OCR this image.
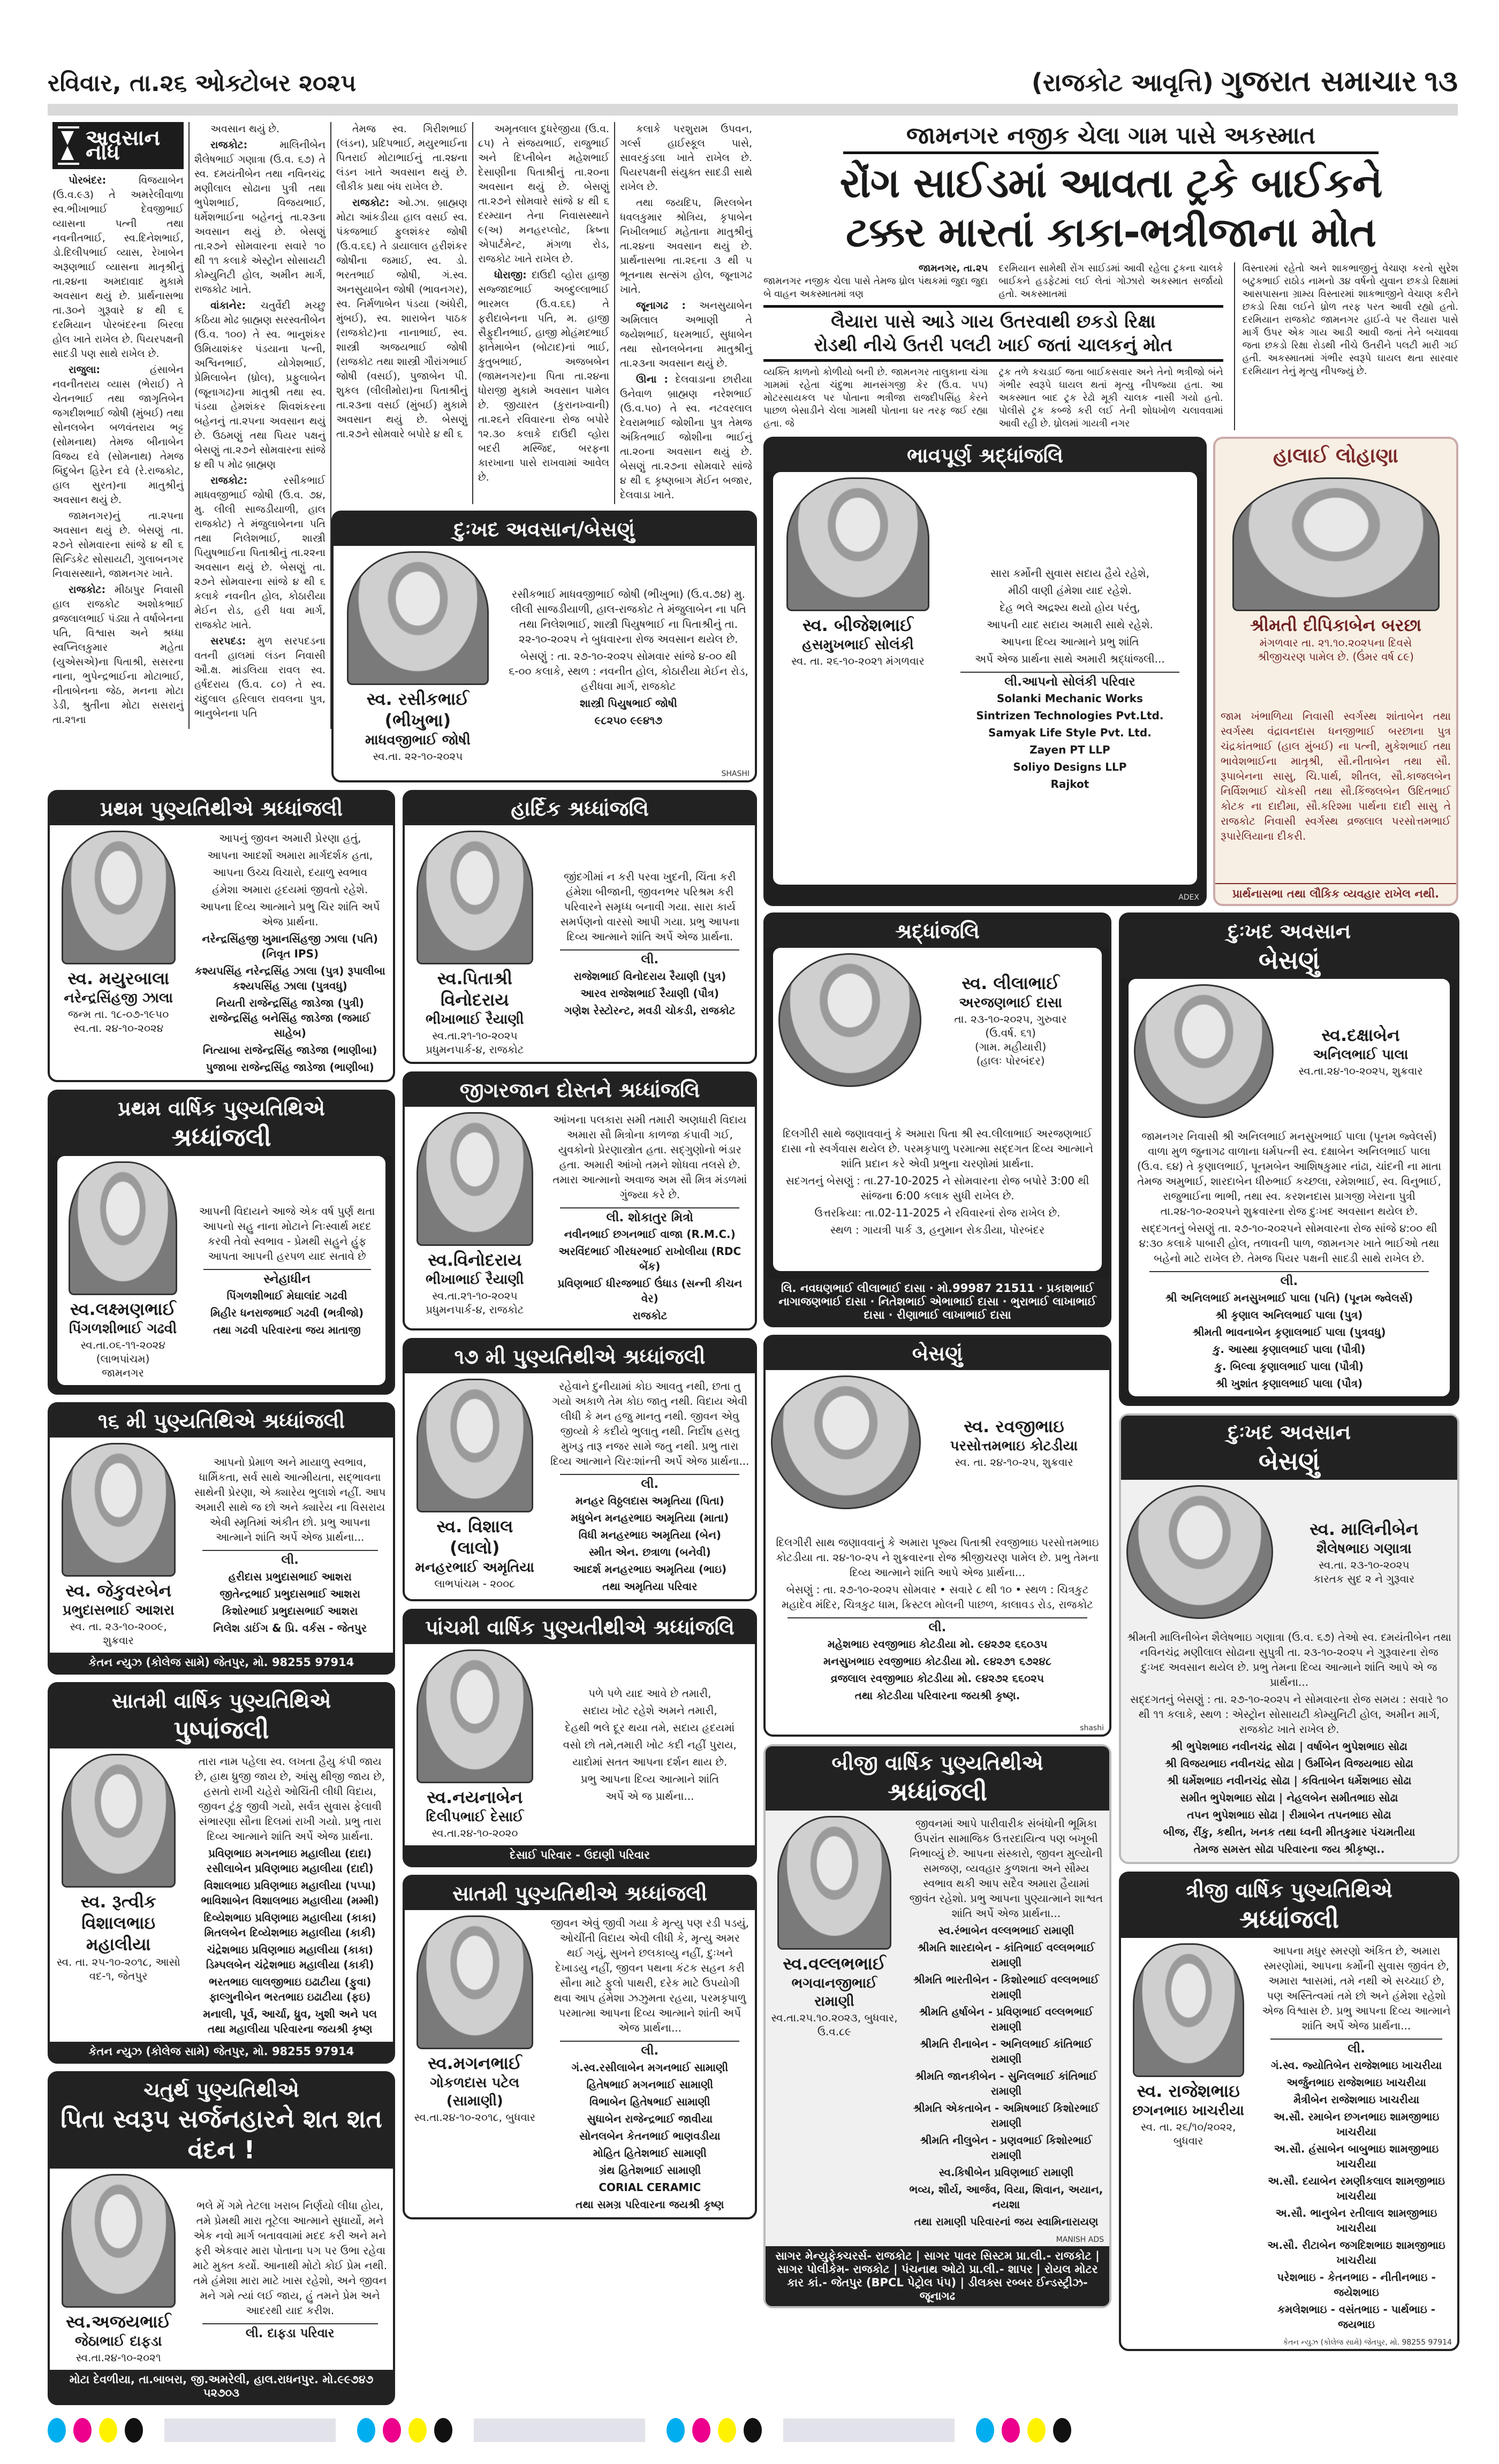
રવિવાર, તા.૨૬ ઓક્ટોબર ૨૦૨૫	(રાજકોટ આવૃત્તિ) ગુજરાત સમાચાર ૧૩
અવસાન નોંધ

પોરબંદર: વિજયાબેન (ઉ.વ.૯૩) તે અમરેલીવાળા સ્વ.ભીખાભાઈ દેવજીભાઈ વ્યાસના પત્ની તથા નવનીતભાઈ, સ્વ.દિનેશભાઈ, ડો.દિલીપભાઈ વ્યાસ, રેખાબેન અરૂણભાઈ વ્યાસના માતૃશ્રીનું તા.૨૪ના અમદાવાદ મુકામે અવસાન થયું છે. પ્રાર્થનાસભા તા.૩૦ને ગુરૂવારે ૪ થી ૬ દરમિયાન પોરબંદરના બિરલા હોલ ખાતે રાખેલ છે. પિયરપક્ષની સાદડી પણ સાથે રાખેલ છે.

રાજુલા: હંસાબેન નવનીતરાય વ્યાસ (ભેરાઈ) તે ચેતનભાઈ તથા જાગૃતિબેન જગદીશભાઈ જોષી (મુંબઈ) તથા સોનલબેન બળવંતરાય ભટ્ટ (સોમનાથ) તેમજ બીનાબેન વિજય દવે (સોમનાથ) તેમજ બિંદુબેન હિરેન દવે (રે.રાજકોટ, હાલ સુરત)ના માતુશ્રીનું અવસાન થયું છે.

જામનગર)નું તા.૨૫ના અવસાન થયું છે. બેસણું તા. ૨૭ને સોમવારના સાંજે ૪ થી ૬ સિન્ડિકેટ સોસાયટી, ગુલાબનગર નિવાસસ્થાને, જામનગર ખાતે.

રાજકોટ: મીઠાપુર નિવાસી હાલ રાજકોટ અશોકભાઈ વ્રજલાલભાઈ પંડ્યા તે વર્ષાબેનના પતિ, વિશ્વાસ અને શ્રધ્ધા સ્વપ્નિલકુમાર મહેતા (યુએસએ)ના પિતાશ્રી, સસરના નાના, ભુપેન્દ્રભાઈના મોટાભાઈ, નીતાબેનના જેઠ, મનના મોટા ડેડી, શ્રુતીના મોટા સસરાનું તા.૨૧ના

અવસાન થયું છે.

રાજકોટ: માલિનીબેન શૈલેષભાઈ ગણાત્રા (ઉ.વ. ૬૭) તે સ્વ. દમયંતીબેન તથા નવિનચંદ્ર મણીલાલ સોઢાના પુત્રી તથા ભુપેશભાઈ, વિજયભાઈ, ધર્મેશભાઈના બહેનનું તા.૨૩ના અવસાન થયું છે. બેસણું તા.૨૭ને સોમવારના સવારે ૧૦ થી ૧૧ કલાકે એસ્ટ્રોન સોસાયટી કોમ્યુનિટી હોલ, અમીન માર્ગ, રાજકોટ ખાતે.

વાંકાનેર: ચતુર્વેદી મચ્છુ કઠિયા મોઢ બ્રાહ્મણ સરસ્વતીબેન (ઉ.વ. ૧૦૦) તે સ્વ. ભાનુશંકર ઉમિયાશંકર પંડયાના પત્ની, અશ્વિનભાઈ, યોગેશભાઈ, પ્રેમિલાબેન (ધ્રોલ), પ્રફુલાબેન (જૂનાગઢ)ના માતુશ્રી તથા સ્વ. પંડયા હેમશંકર શિવશંકરના બહેનનું તા.૨૫ના અવસાન થયું છે. ઉઠમણું તથા પિયર પક્ષનું બેસણું તા.૨૭ને સોમવારના સાંજે ૪ થી ૫ મોઢ બ્રાહ્મણ

રાજકોટ: રસીકભાઈ માધવજીભાઈ જોષી (ઉ.વ. ૭૪, મુ. લીલી સાજડીયાળી, હાલ રાજકોટ) તે મંજુલાબેનના પતિ તથા નિલેશભાઈ, શાસ્ત્રી પિયુષભાઈના પિતાશ્રીનું તા.૨૨ના અવસાન થયું છે. બેસણું તા. ૨૭ને સોમવારના સાંજે ૪ થી ૬ કલાકે નવનીત હોલ, કોઠારીયા મેઈન રોડ, હરી ધવા માર્ગ, રાજકોટ ખાતે.

સરપદડ: મુળ સરપદડના વતની હાલમાં લંડન નિવાસી ઔ.ક્ષ. માંડલિયા રાવલ સ્વ. હર્ષદરાય (ઉ.વ. ૮૦) તે સ્વ. ચંદુલાલ હરિલાલ રાવલના પુત્ર, ભાનુબેનના પતિ

તેમજ સ્વ. ગિરીશભાઈ (લંડન), પ્રદિપભાઈ, મયુરભાઈના પિતરાઈ મોટાભાઈનું તા.૨૪ના લંડન ખાતે અવસાન થયું છે. લૌકીક પ્રથા બંધ રાખેલ છે.

રાજકોટ: ઓ.ઝા. બ્રાહ્મણ મોટા આંકડીયા હાલ વસઈ સ્વ. પંકજભાઈ ફુલશંકર જોષી (ઉ.વ.૬૬) તે ડાયાલાલ હરીશંકર જોષીના જમાઈ, સ્વ. ડો. ભરતભાઈ જોષી, ગં.સ્વ. અનસુયાબેન જોષી (ભાવનગર), સ્વ. નિર્મળાબેન પંડયા (અંધેરી, મુંબઈ), સ્વ. શારાબેન પાઠક (રાજકોટ)ના નાનાભાઈ, સ્વ. શાસ્ત્રી અજયભાઈ જોષી (રાજકોટ તથા શાસ્ત્રી ગૌરાંગભાઈ જોષી (વસઈ), પુજાબેન પી. શુકલ (લીલીમોરા)ના પિતાશ્રીનું તા.૨૩ના વસઈ (મુંબઈ) મુકામે અવસાન થયું છે. બેસણું તા.૨૭ને સોમવારે બપોરે ૪ થી ૬

અમૃતલાલ દુધરેજીયા (ઉ.વ. ૮૫) તે સંજયભાઈ, રાજુભાઈ અને દિપ્તીબેન મહેશભાઈ દેસાણીના પિતાશ્રીનું તા.૨૦ના અવસાન થયું છે. બેસણું તા.૨૭ને સોમવારે સાંજે ૪ થી ૬ દરમ્યાન તેના નિવાસસ્થાને ૯(અ) મનહરપ્લોટ, ક્રિષ્ના એપાર્ટમેન્ટ, મંગળા રોડ, રાજકોટ ખાતે રાખેલ છે.

ધોરાજી: દાઉદી વ્હોરા હાજી સજ્જાદભાઈ અબ્દુલ્લાભાઈ ભારમલ (ઉ.વ.૬૬) તે ફરીદાબેનના પતિ, મ. હાજી સૈફુદીનભાઈ, હાજી મોહંમદભાઈ ફાતેમાબેન (બોટાદ)નાં ભાઈ, કુતુબભાઈ, અજબબેન (જામનગર)ના પિતા તા.૨૪ના ધોરાજી મુકામે અવસાન પામેલ છે. જીયારત (કુરાનખ્વાની) તા.૨૬ને રવિવારના રોજ બપોરે ૧૨.૩૦ કલાકે દાઉદી વ્હોરા બદરી મસ્જિદ, બરફના કારખાના પાસે રાખવામાં આવેલ છે.

કલાકે પરશુરામ ઉપવન, ગર્લ્સ હાઈસ્કૂલ પાસે, સાવરકુંડલા ખાતે રાખેલ છે. પિયરપક્ષની સંયુક્ત સાદડી સાથે રાખેલ છે.

તથા જયદિપ, મિરલબેન ધવલકુમાર શ્રોત્રિય, કૃપાબેન નિખીલભાઈ મહેતાના માતુશ્રીનું તા.૨૪ના અવસાન થયું છે. પ્રાર્થનાસભા તા.૨૬ના ૩ થી ૫ ભૂતનાથ સત્સંગ હોલ, જૂનાગઢ ખાતે.

જૂનાગઢ : અનસુયાબેન અમિલાલ અભાણી તે જયેશભાઈ, ધરમભાઈ, સુધાબેન તથા સોનલબેનના માતુશ્રીનું તા.૨૩ના અવસાન થયું છે.

ઊના : દેલવાડાના છારીયા ઉનેવાળ બ્રાહ્મણ નરેશભાઈ (ઉ.વ.૫૦) તે સ્વ. નટવરલાલ દેવરામભાઈ જોશીના પુત્ર તેમજ અંકિતભાઈ જોશીના ભાઈનું તા.૨૦ના અવસાન થયું છે. બેસણું તા.૨૭ના સોમવારે સાંજે ૪ થી ૬ કૃષ્ણબાગ મેઈન બજાર, દેલવાડા ખાતે.

દુઃખદ અવસાન/બેસણું
સ્વ. રસીકભાઈ (ભીખુભા)
માધવજીભાઈ જોષી
સ્વ.તા. ૨૨-૧૦-૨૦૨૫
રસીકભાઈ માધવજીભાઈ જોષી (ભીખુભા) (ઉ.વ.૭૪) મુ. લીલી સાજડીયાળી, હાલ-રાજકોટ તે મંજુલાબેન ના પતિ તથા નિલેશભાઈ, શાસ્ત્રી પિયુષભાઈ ના પિતાશ્રીનું તા. ૨૨-૧૦-૨૦૨૫ ને બુધવારના રોજ અવસાન થયેલ છે.
બેસણું : તા. ૨૭-૧૦-૨૦૨૫ સોમવાર સાંજે ૪-૦૦ થી ૬-૦૦ કલાકે, સ્થળ : નવનીત હોલ, કોઠારીયા મેઈન રોડ, હરીધવા માર્ગ, રાજકોટ
શાસ્ત્રી પિયુષભાઈ જોષી
૯૮૨૫૦ ૯૯૪૧૭
SHASHI
પ્રથમ પુણ્યતિથીએ શ્રધ્ધાંજલી
સ્વ. મયુરબાલા
નરેન્દ્રસિંહજી ઝાલા
જન્મ તા. ૧૮-૦૭-૧૯૫૦
સ્વ.તા. ૨૪-૧૦-૨૦૨૪
આપનું જીવન અમારી પ્રેરણા હતું,
આપના આદર્શો અમારા માર્ગદર્શક હતા,
આપના ઉચ્ચ વિચારો, દયાળુ સ્વભાવ
હંમેશા અમારા હૃદયમાં જીવતો રહેશે.
આપના દિવ્ય આત્માને પ્રભુ ચિર શાંતિ અર્પે એજ પ્રાર્થના.
નરેન્દ્રસિંહજી ખુમાનસિંહજી ઝાલા (પતિ) (નિવૃત IPS)
કશ્યપસિંહ નરેન્દ્રસિંહ ઝાલા (પુત્ર) રૂપાલીબા કશ્યપસિંહ ઝાલા (પુત્રવધુ)
નિયતી રાજેન્દ્રસિંહ જાડેજા (પુત્રી) રાજેન્દ્રસિંહ બનેસિંહ જાડેજા (જમાઈ સાહેબ)
નિત્યાબા રાજેન્દ્રસિંહ જાડેજા (ભાણીબા)
પુજાબા રાજેન્દ્રસિંહ જાડેજા (ભાણીબા)
પ્રથમ વાર્ષિક પુણ્યતિથિએ
શ્રધ્ધાંજલી
સ્વ.લક્ષ્મણભાઈ
પિંગળશીભાઈ ગઢવી
સ્વ.તા.૦૬-૧૧-૨૦૨૪ (લાભપાંચમ)
જામનગર
આપની વિદાયને આજે એક વર્ષ પુર્ણ થતા આપનો સહુ નાના મોટાને નિઃસ્વાર્થ મદદ કરવી તેવો સ્વભાવ - પ્રેમથી સહુને હુંફ આપતા આપની હરપળ યાદ સતાવે છે
સ્નેહાધીન
પિંગળશીભાઈ મેઘાલાંદ ગઢવી
મિહીર ધનરાજભાઈ ગઢવી (ભત્રીજો)
તથા ગઢવી પરિવારના જય માતાજી
૧૬ મી પુણ્યતિથિએ શ્રધ્ધાંજલી
સ્વ. જેકુવરબેન
પ્રભુદાસભાઈ આશરા
સ્વ. તા. ૨૩-૧૦-૨૦૦૯, શુક્રવાર
આપનો પ્રેમાળ અને માયાળુ સ્વભાવ, ધાર્મિકતા, સર્વ સાથે આત્મીયતા, સદ્ભાવના સાથેની પ્રેરણા, એ ક્યારેય ભુલાશે નહીં. આપ અમારી સાથે જ છો અને ક્યારેય ના વિસરાય એવી સ્મૃતિમાં અંકીત છો. પ્રભુ આપના આત્માને શાંતિ અર્પે એજ પ્રાર્થના...
લી.
હરીદાસ પ્રભુદાસભાઈ આશરા
જીતેન્દ્રભાઈ પ્રભુદાસભાઈ આશરા
કિશોરભાઈ પ્રભુદાસભાઈ આશરા
નિલેશ ડાઈંગ & પ્રિ. વર્કસ - જેતપુર
કેતન ન્યુઝ (કોલેજ સામે) જેતપુર, મો. 98255 97914
સાતમી વાર્ષિક પુણ્યતિથિએ
પુષ્પાંજલી
સ્વ. રૂત્વીક વિશાલભાઇ મહાલીયા
સ્વ. તા. ૨૫-૧૦-૨૦૧૮, આસો વદ-૧, જેતપુર
તારા નામ પહેલા સ્વ. લખતા હૈયુ કંપી જાય છે, હાથ ધ્રુજી જાય છે, આંસુ થીજી જાય છે, હસતો રાખી ચહેરો ઓચિંતી લીધી વિદાય, જીવન ટુંકુ જીવી ગયો, સર્વત્ર સુવાસ ફેલાવી સંભારણા સૌના દિલમાં રાખી ગયો. પ્રભુ તારા દિવ્ય આત્માને શાંતિ અર્પે એજ પ્રાર્થના.
પ્રવિણભાઇ મગનભાઇ મહાલીયા (દાદા) રસીલાબેન પ્રવિણભાઇ મહાલીયા (દાદી)
વિશાલભાઇ પ્રવિણભાઇ મહાલીયા (પપ્પા) ભાવિશાબેન વિશાલભાઇ મહાલીયા (મમ્મી)
દિવ્યેશભાઇ પ્રવિણભાઇ મહાલીયા (કાકા) મિતલબેન દિવ્યેશભાઇ મહાલીયા (કાકી)
ચંદ્રેશભાઇ પ્રવિણભાઇ મહાલીયા (કાકા) ડિમ્પલબેન ચંદ્રેશભાઇ મહાલીયા (કાકી)
ભરતભાઇ લાલજીભાઇ ઇઢાટીયા (ફુવા) ફાલ્ગુનીબેન ભરતભાઇ ઇઢાટીયા (ફઇ)
મનાલી, પૂર્વ, આર્ચા, ધ્રુવ, ખુશી અને પલ તથા મહાલીયા પરિવારના જયશ્રી કૃષ્ણ
કેતન ન્યુઝ (કોલેજ સામે) જેતપુર, મો. 98255 97914
ચતુર્થ પુણ્યતિથીએ
પિતા સ્વરૂપ સર્જનહારને શત શત વંદન !
સ્વ.અજયભાઈ
જેઠાભાઈ દાફડા
સ્વ.તા.૨૪-૧૦-૨૦૨૧
ભલે મેં ગમે તેટલા ખરાબ નિર્ણયો લીધા હોય, તમે પ્રેમથી મારા તૂટેલા આત્માને સુધાર્યો, મને એક નવો માર્ગ બતાવવામાં મદદ કરી અને મને ફરી એકવાર મારા પોતાના પગ પર ઉભા રહેવા માટે મુક્ત કર્યો. આનાથી મોટો કોઈ પ્રેમ નથી. તમે હંમેશા મારા માટે ખાસ રહેશો, અને જીવન મને ગમે ત્યાં લઈ જાય, હું તમને પ્રેમ અને આદરથી યાદ કરીશ.
લી. દાફડા પરિવાર
મોટા દેવળીયા, તા.બાબરા, જી.અમરેલી, હાલ.રાધનપુર. મો.૯૯૭૪૭ ૫૨૭૦૩
હાર્દિક શ્રધ્ધાંજલિ
સ્વ.પિતાશ્રી વિનોદરાય
ભીખાભાઈ રૈયાણી
સ્વ.તા.૨૧-૧૦-૨૦૨૫
પ્રધુમનપાર્ક-૪, રાજકોટ
જીંદગીમાં ન કરી પરવા ખુદની, ચિંતા કરી હંમેશા બીજાની, જીવનભર પરિશ્રમ કરી પરિવારને સમૃધ્ધ બનાવી ગયા. સારા કાર્ય સમર્પણનો વારસો આપી ગયા. પ્રભુ આપના દિવ્ય આત્માને શાંતિ અર્પે એજ પ્રાર્થના.
લી.
રાજેશભાઈ વિનોદરાય રૈયાણી (પુત્ર)
આરવ રાજેશભાઈ રૈયાણી (પૌત્ર)
ગણેશ રેસ્ટોરન્ટ, મવડી ચોકડી, રાજકોટ
જીગરજાન દોસ્તને શ્રધ્ધાંજલિ
સ્વ.વિનોદરાય
ભીખાભાઈ રૈયાણી
સ્વ.તા.૨૧-૧૦-૨૦૨૫
પ્રધુમનપાર્ક-૪, રાજકોટ
આંખના પલકારા સમી તમારી અણધારી વિદાય અમારા સૌ મિત્રોના કાળજા કંપાવી ગઈ, યુવકોનો પ્રેરણાસ્ત્રોત હતા. સદ્ગુણોનો ભંડાર હતા. અમારી આંખો તમને શોધવા તલસે છે. તમારા આત્માનો અવાજ અમ સૌ મિત્ર મંડળમાં ગુંજ્યા કરે છે.
લી. શોકાતુર મિત્રો
નવીનભાઈ છગનભાઈ વાજા (R.M.C.)
અરવિંદભાઈ ગીરધરભાઈ રાખોલીયા (RDC બેંક)
પ્રવિણભાઈ ધીરજભાઈ ઉંધાડ (સન્ની કીચન વેર)
રાજકોટ
૧૭ મી પુણ્યતિથીએ શ્રધ્ધાંજલી
સ્વ. વિશાલ (લાલો)
મનહરભાઈ અમૃતિયા
લાભપાંચમ - ૨૦૦૮
રહેવાને દુનીયામાં કોઇ આવતુ નથી, છતા તુ ગયો અકાળે તેમ કોઇ જાતુ નથી. વિદાય એવી લીધી કે મન હજુ માનતુ નથી. જીવન એવુ જીવ્યો કે કદીયે ભુલાતુ નથી. નિર્દોષ હસતુ મુખડુ તારૂ નજર સામે જતુ નથી. પ્રભુ તારા દિવ્ય આત્માને ચિરઃશાંન્તી અર્પે એજ પ્રાર્થના...
લી.
મનહર વિઠ્ઠલદાસ અમૃતિયા (પિતા)
મધુબેન મનહરભાઇ અમૃતિયા (માતા)
વિધી મનહરભાઇ અમૃતિયા (બેન)
સ્મીત એન. છત્રાળા (બનેવી)
આદર્શ મનહરભાઇ અમૃતિયા (ભાઇ)
તથા અમૃતિયા પરિવાર
પાંચમી વાર્ષિક પુણ્યતીથીએ શ્રધ્ધાંજલિ
સ્વ.નયનાબેન
દિલીપભાઈ દેસાઈ
સ્વ.તા.૨૪-૧૦-૨૦૨૦
પળે પળે યાદ આવે છે તમારી,
સદાય ખોટ રહેશે અમને તમારી,
દેહથી ભલે દૂર થયા તમે, સદાય હૃદયમાં
વસો છો તમે,તમારી ખોટ કદી નહીં પુરાય,
યાદોમાં સતત આપના દર્શન થાય છે.
પ્રભુ આપના દિવ્ય આત્માને શાંતિ
અર્પે એ જ પ્રાર્થના...
દેસાઈ પરિવાર - ઉદાણી પરિવાર
સાતમી પુણ્યતિથીએ શ્રધ્ધાંજલી
સ્વ.મગનભાઈ
ગોકળદાસ પટેલ (સામાણી)
સ્વ.તા.૨૪-૧૦-૨૦૧૮, બુધવાર
જીવન એવું જીવી ગયા કે મૃત્યુ પણ રડી પડયું, ઓચીંતી વિદાય એવી લીધી કે, મૃત્યુ અમર થઈ ગયું, સુખને છલકાવ્યુ નહીં, દુઃખને દેખાડયુ નહીં, જીવન પથના કંટક સહન કરી સૌના માટે ફુલો પાથરી, દરેક માટે ઉપયોગી થવા આપ હંમેશા ઝઝુમતા રહયા, પરમકૃપાળુ પરમાત્મા આપના દિવ્ય આત્માને શાંતી અર્પે એજ પ્રાર્થના...
લી.
ગં.સ્વ.રસીલાબેન મગનભાઈ સામાણી
હિતેષભાઈ મગનભાઈ સામાણી
વિભાબેન હિતેષભાઈ સામાણી
સુધાબેન રાજેન્દ્રભાઈ જાવીયા
સોનલબેન કેતનભાઈ ભાણવડીયા
મોહિત હિતેશભાઈ સામાણી
ગ્રંથ હિતેશભાઈ સામાણી
CORIAL CERAMIC
તથા સમગ્ર પરિવારના જયશ્રી કૃષ્ણ
જામનગર નજીક ચેલા ગામ પાસે અકસ્માત
રોંગ સાઈડમાં આવતા ટ્રકે બાઈકને
ટક્કર મારતાં કાકા-ભત્રીજાના મોત
જામનગર, તા.૨૫
જામનગર નજીક ચેલા પાસે તેમજ ધ્રોલ પંથકમાં જુદા જુદા બે વાહન અકસ્માતમાં ત્રણ
દરમિયાન સામેથી રોંગ સાઈડમાં આવી રહેલા ટ્રકના ચાલકે બાઈકને હડફેટમાં લઈ લેતાં ગોઝારો અકસ્માત સર્જાયો હતો. અકસ્માતમાં
લૈયારા પાસે આડે ગાય ઉતરવાથી છકડો રિક્ષા
રોડથી નીચે ઉતરી પલટી ખાઈ જતાં ચાલકનું મોત
વ્યક્તિ કાળનો કોળીયો બની છે. જામનગર તાલુકાના ચંગા ગામમાં રહેતા ચંદુભા માનસંગજી કેર (ઉ.વ. ૫૫) મોટરસાયકલ પર પોતાના ભત્રીજા રાજદીપસિંહ કેરને પાછળ બેસાડીને ચેલા ગામથી પોતાના ઘર તરફ જઈ રહ્યા હતા. જે
ટ્રક તળે કચડાઈ જતા બાઈકસવાર અને તેનો ભત્રીજો બંને ગંભીર સ્વરૂપે ઘાયલ થતાં મૃત્યુ નીપજ્યા હતા. આ અકસ્માત બાદ ટ્રક રેઢો મૂકી ચાલક નાસી ગયો હતો. પોલીસે ટ્રક કબ્જે કરી લઈ તેની શોધખોળ ચલાવવામાં આવી રહી છે. ધ્રોલમાં ગાયત્રી નગર
વિસ્તારમાં રહેતો અને શાકભાજીનું વેચાણ કરતો સુરેશ બટુકભાઈ રાઠોડ નામનો ૩૪ વર્ષનો યુવાન છકડો રિક્ષામાં આસપાસના ગ્રામ્ય વિસ્તારમાં શાકભાજીને વેચાણ કરીને છકડો રિક્ષા લઈને ધ્રોળ તરફ પરત આવી રહ્યો હતો. દરમિયાન રાજકોટ જામનગર હાઈ-વે પર લૈયારા પાસે માર્ગ ઉપર એક ગાય આડી આવી જતાં તેને બચાવવા જતા છકડો રિક્ષા રોડથી નીચે ઉતરીને પલટી મારી ગઈ હતી. અકસ્માતમાં ગંભીર સ્વરૂપે ઘાયલ થતા સારવાર દરમિયાન તેનું મૃત્યુ નીપજ્યું છે.
ભાવપૂર્ણ શ્રદ્ધાંજલિ
સ્વ. બીજેશભાઈ
હસમુખભાઈ સોલંકી
સ્વ. તા. ૨૬-૧૦-૨૦૨૧ મંગળવાર
સારા કર્મોની સુવાસ સદાય હૈયે રહેશે,
મીઠી વાણી હંમેશા યાદ રહેશે.
દેહ ભલે અદ્રશ્ય થયો હોય પરંતુ,
આપની યાદ સદાય અમારી સાથે રહેશે.
આપના દિવ્ય આત્માને પ્રભુ શાંતિ
અર્પે એજ પ્રાર્થના સાથે અમારી શ્રદ્ધાંજલી...
લી.આપનો સોલંકી પરિવાર
Solanki Mechanic Works
Sintrizen Technologies Pvt.Ltd.
Samyak Life Style Pvt. Ltd.
Zayen PT LLP
Soliyo Designs LLP
Rajkot
ADEX
હાલાઈ લોહાણા
શ્રીમતી દીપિકાબેન બરછા
મંગળવાર તા. ૨૧.૧૦.૨૦૨૫ના દિવસે
શ્રીજીચરણ પામેલ છે. (ઉંમર વર્ષ ૮૯)
જામ ખંભાળિયા નિવાસી સ્વર્ગસ્થ શાંતાબેન તથા સ્વર્ગસ્થ વંદ્રાવનદાસ ધનજીભાઈ બરછાના પુત્ર ચંદ્રકાંતભાઈ (હાલ મુંબઈ) ના પત્ની, મુકેશભાઈ તથા ભાવેશભાઈના માતૃશ્રી, સૌ.નીતાબેન તથા સૌ. રૂપાબેનના સાસુ, ચિ.પાર્થ, શીતલ, સૌ.કાજલબેન નિર્વિશભાઈ ચોકસી તથા સૌ.કિંજલબેન ઉદિતભાઈ કોટક ના દાદીમા, સૌ.કરિશ્મા પાર્થના દાદી સાસુ તે રાજકોટ નિવાસી સ્વર્ગસ્થ વ્રજલાલ પરસોત્તમભાઈ રૂપારેલિયાના દીકરી.
પ્રાર્થનાસભા તથા લૌકિક વ્યવહાર રાખેલ નથી.
શ્રદ્ધાંજલિ
સ્વ. લીલાભાઈ
અરજણભાઈ દાસા
તા. ૨૩-૧૦-૨૦૨૫, ગુરુવાર
(ઉ.વર્ષ. ૬૧)
(ગામ. મહીયારી)
(હાલઃ પોરબંદર)
દિલગીરી સાથે જણાવવાનું કે અમારા પિતા શ્રી સ્વ.લીલાભાઈ અરજણભાઈ દાસા નો સ્વર્ગવાસ થયેલ છે. પરમકૃપાળુ પરમાત્મા સદ્દગત દિવ્ય આત્માને શાંતિ પ્રદાન કરે એવી પ્રભુના ચરણોમાં પ્રાર્થના.
સદગતનું બેસણું : તા.27-10-2025 ને સોમવારના રોજ બપોરે 3:00 થી સાંજના 6:00 કલાક સુધી રાખેલ છે.
ઉત્તરક્રિયા: તા.02-11-2025 ને રવિવારનાં રોજ રાખેલ છે.
સ્થળ : ગાયત્રી પાર્ક ૩, હનુમાન રોકડીયા, પોરબંદર
લિ. નવઘણભાઈ લીલાભાઈ દાસા · મો.99987 21511 · પ્રકાશભાઈ નાગાજણભાઈ દાસા · નિતેશભાઈ એભાભાઈ દાસા · ભુરાભાઈ લાખાભાઈ દાસા · રીણાભાઈ લાખાભાઈ દાસા
બેસણું
સ્વ. રવજીભાઇ
પરસોત્તમભાઇ કોટડીયા
સ્વ. તા. ૨૪-૧૦-૨૫, શુક્રવાર
દિલગીરી સાથ જણાવવાનું કે અમારા પૂજ્ય પિતાશ્રી રવજીભાઇ પરસોત્તમભાઇ કોટડીયા તા. ૨૪-૧૦-૨૫ ને શુક્રવારના રોજ શ્રીજીચરણ પામેલ છે. પ્રભુ તેમના દિવ્ય આત્માને શાંતિ આપે એજ પ્રાર્થના...
બેસણું : તા. ૨૭-૧૦-૨૦૨૫ સોમવાર • સવારે ૮ થી ૧૦ • સ્થળ : ચિત્રકુટ મહાદેવ મંદિર, ચિત્રકુટ ધામ, ક્રિસ્ટલ મોલની પાછળ, કાલાવડ રોડ, રાજકોટ
લી.
મહેશભાઇ રવજીભાઇ કોટડીયા મો. ૯૪૨૭૨ ૬૬૦૩૫
મનસુખભાઇ રવજીભાઇ કોટડીયા મો. ૯૪૨૭૧ ૬૭૨૪૮
વ્રજલાલ રવજીભાઇ કોટડીયા મો. ૯૪૨૭૨ ૬૬૦૨૫
તથા કોટડીયા પરિવારના જયશ્રી કૃષ્ણ.
shashi
બીજી વાર્ષિક પુણ્યતિથીએ
શ્રધ્ધાંજલી
સ્વ.વલ્લભભાઈ
ભગવાનજીભાઈ રામાણી
સ્વ.તા.૨૫.૧૦.૨૦૨૩, બુધવાર, ઉ.વ.૮૯
જીવનમાં આપે પારીવારીક સંબંધોની ભૂમિકા ઉપરાંત સામાજિક ઉત્તરદાયિત્વ પણ બખૂબી નિભાવ્યું છે. આપના સંસ્કારો, જીવન મુલ્યોની સમજણ, વ્યવહાર કુળશતા અને સૌમ્ય સ્વભાવ થકી આપ સદૈવ અમારા હૈયામાં જીવંત રહેશો. પ્રભુ આપના પુણ્યાત્માને શાશ્વત શાંતિ અર્પે એજ પ્રાર્થના...
સ્વ.રંભાબેન વલ્લભભાઈ રામાણી
શ્રીમતિ શારદાબેન - કાંતિભાઈ વલ્લભભાઈ રામાણી
શ્રીમતિ ભારતીબેન - કિશોરભાઈ વલ્લભભાઈ રામાણી
શ્રીમતિ હર્ષાબેન - પ્રવિણભાઈ વલ્લભભાઈ રામાણી
શ્રીમતિ રીનાબેન - અનિલભાઈ કાંતિભાઈ રામાણી
શ્રીમતિ જાનકીબેન - સુનિલભાઈ કાંતિભાઈ રામાણી
શ્રીમતિ એકતાબેન - અમિષભાઈ કિશોરભાઈ રામાણી
શ્રીમતિ નીલુબેન - પ્રણવભાઈ કિશોરભાઈ રામાણી
સ્વ.કિષીબેન પ્રવિણભાઈ રામાણી
ભવ્ય, શૌર્ય, આર્જવ, વિયા, શિવાન, અયાન, નયશા
તથા રામાણી પરિવારનાં જય સ્વામિનારાયણ
MANISH ADS
સાગર મેન્યુફેક્ચરર્સ- રાજકોટ | સાગર પાવર સિસ્ટમ પ્રા.લી.- રાજકોટ | સાગર પોલીકેમ- રાજકોટ | પંચનાથ ઓટો પ્રા.લી.- શાપર | રોયલ મોટર કાર કાં.- જેતપુર (BPCL પેટ્રોલ પંપ) | ડીલક્સ રબ્બર ઈન્ડસ્ટ્રીઝ- જૂનાગઢ
દુઃખદ અવસાન
બેસણું
સ્વ.દક્ષાબેન
અનિલભાઈ પાલા
સ્વ.તા.૨૪-૧૦-૨૦૨૫, શુક્રવાર
જામનગર નિવાસી શ્રી અનિલભાઈ મનસુખભાઈ પાલા (પૂનમ જ્વેલર્સ) વાળા મુળ જુનાગઢ વાળાના ધર્મપત્ની સ્વ. દક્ષાબેન અનિલભાઈ પાલા (ઉ.વ. ૬૪) તે કૃણાલભાઈ, પૂનમબેન આશિષકુમાર નાંઢા, ચાંદની ના માતા તેમજ અમુભાઈ, શારદાબેન ધીરુભાઈ કચ્છલા, રમેશભાઈ, સ્વ. વિનુભાઈ, રાજુભાઈના ભાભી, તથા સ્વ. કરશનદાસ પ્રાગજી ખેરાના પુત્રી તા.૨૪-૧૦-૨૦૨૫ને શુક્રવારના રોજ દુઃખદ અવસાન થયેલ છે.
સદ્દગતનું બેસણું તા. ૨૭-૧૦-૨૦૨૫ને સોમવારના રોજ સાંજે ૪:૦૦ થી ૪:૩૦ કલાકે પાબારી હોલ, તળાવની પાળ, જામનગર ખાતે ભાઈઓ તથા બહેનો માટે રાખેલ છે. તેમજ પિયર પક્ષની સાદડી સાથે રાખેલ છે.
લી.
શ્રી અનિલભાઈ મનસુખભાઈ પાલા (પતિ) (પૂનમ જ્વેલર્સ)
શ્રી કૃણાલ અનિલભાઈ પાલા (પુત્ર)
શ્રીમતી ભાવનાબેન કૃણાલભાઈ પાલા (પુત્રવધુ)
કુ. આસ્થા કૃણાલભાઈ પાલા (પૌત્રી)
કુ. બિલ્વા કૃણાલભાઈ પાલા (પૌત્રી)
શ્રી ખુશાંત કૃણાલભાઈ પાલા (પૌત્ર)
દુઃખદ અવસાન
બેસણું
સ્વ. માલિનીબેન
શૈલેષભાઇ ગણાત્રા
સ્વ.તા. ૨૩-૧૦-૨૦૨૫
કારતક સુદ ૨ ને ગુરૂવાર
શ્રીમતી માલિનીબેન શૈલેષભાઇ ગણાત્રા (ઉ.વ. ૬૭) તેઓ સ્વ. દમયંતીબેન તથા નવિનચંદ્ર મણીલાલ સોઢાના સુપુત્રી તા. ૨૩-૧૦-૨૦૨૫ ને ગુરૂવારના રોજ દુઃખદ અવસાન થયેલ છે. પ્રભુ તેમના દિવ્ય આત્માને શાંતિ આપે એ જ પ્રાર્થના...
સદ્દગતનું બેસણું : તા. ૨૭-૧૦-૨૦૨૫ ને સોમવારના રોજ સમય : સવારે ૧૦ થી ૧૧ કલાકે, સ્થળ : એસ્ટ્રોન સોસાયટી કોમ્યુનિટી હોલ, અમીન માર્ગ, રાજકોટ ખાતે રાખેલ છે.
શ્રી ભુપેશભાઇ નવીનચંદ્ર સોઢા | વર્ષાબેન ભુપેશભાઇ સોઢા
શ્રી વિજયભાઇ નવીનચંદ્ર સોઢા | ઉર્મીબેન વિજયભાઇ સોઢા
શ્રી ધર્મેશભાઇ નવીનચંદ્ર સોઢા | કવિતાબેન ધર્મેશભાઇ સોઢા
સમીત ભુપેશભાઇ સોઢા | નેહલબેન સમીતભાઇ સોઢા
તપન ભુપેશભાઇ સોઢા | રીમાબેન તપનભાઇ સોઢા
બીજ, રીંકુ, કથીત, ખનક તથા ધ્વની મીતકુમાર પંચમતીયા
તેમજ સમસ્ત સોઢા પરિવારના જય શ્રીકૃષ્ણ..
ત્રીજી વાર્ષિક પુણ્યતિથિએ
શ્રધ્ધાંજલી
સ્વ. રાજેશભાઇ
છગનભાઇ ખાચરીયા
સ્વ. તા. ૨૬/૧૦/૨૦૨૨, બુધવાર
આપના મધુર સ્મરણો અંકિત છે, અમારા સ્મરણોમાં, આપના કર્મોની સુવાસ જીવંત છે, અમારા શ્વાસમાં, તમે નથી એ સચ્ચાઈ છે, પણ અસ્તિત્વમાં તમે છો અને હંમેશા રહેશો એજ વિશ્વાસ છે. પ્રભુ આપના દિવ્ય આત્માને શાંતિ અર્પે એજ પ્રાર્થના...
લી.
ગં.સ્વ. જ્યોતિબેન રાજેશભાઇ ખાચરીયા
અર્જુનભાઇ રાજેશભાઇ ખાચરીયા
મૈત્રીબેન રાજેશભાઇ ખાચરીયા
અ.સૌ. રમાબેન છગનભાઇ શામજીભાઇ ખાચરીયા
અ.સૌ. હંસાબેન બાબુભાઇ શામજીભાઇ ખાચરીયા
અ.સૌ. દયાબેન રમણીકલાલ શામજીભાઇ ખાચરીયા
અ.સૌ. ભાનુબેન રતીલાલ શામજીભાઇ ખાચરીયા
અ.સૌ. રીટાબેન જગદિશભાઇ શામજીભાઇ ખાચરીયા
પરેશભાઇ - કેતનભાઇ - નીતીનભાઇ - જયેશભાઇ
કમલેશભાઇ - વસંતભાઇ - પાર્થભાઇ - જયભાઇ
કેતન ન્યુઝ (કોલેજ સામે) જેતપુર, મો. 98255 97914
